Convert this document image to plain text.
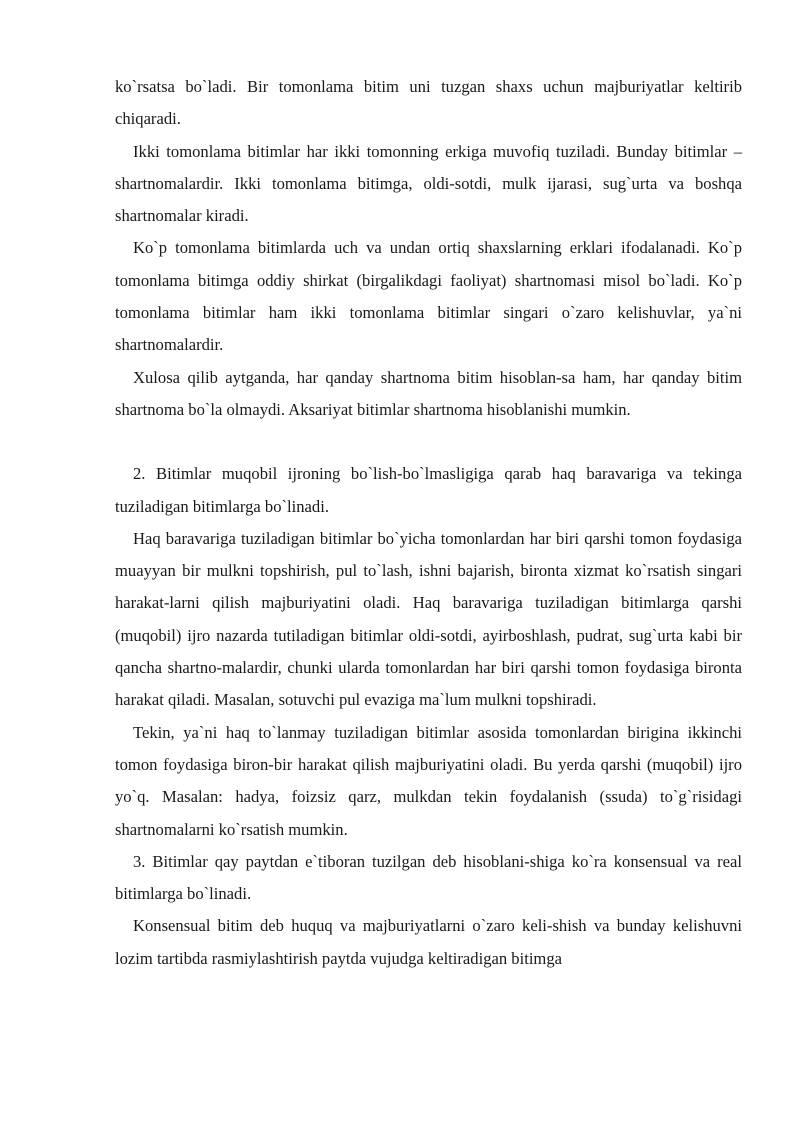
ko`rsatsa bo`ladi. Bir tomonlama bitim uni tuzgan shaxs uchun majburiyatlar keltirib chiqaradi.

Ikki tomonlama bitimlar har ikki tomonning erkiga muvofiq tuziladi. Bunday bitimlar – shartnomalardir. Ikki tomonlama bitimga, oldi-sotdi, mulk ijarasi, sug`urta va boshqa shartnomalar kiradi.

Ko`p tomonlama bitimlarda uch va undan ortiq shaxslarning erklari ifodalanadi. Ko`p tomonlama bitimga oddiy shirkat (birgalikdagi faoliyat) shartnomasi misol bo`ladi. Ko`p tomonlama bitimlar ham ikki tomonlama bitimlar singari o`zaro kelishuvlar, ya`ni shartnomalardir.

Xulosa qilib aytganda, har qanday shartnoma bitim hisoblan-sa ham, har qanday bitim shartnoma bo`la olmaydi. Aksariyat bitimlar shartnoma hisoblanishi mumkin.

2. Bitimlar muqobil ijroning bo`lish-bo`lmasligiga qarab haq baravariga va tekinga tuziladigan bitimlarga bo`linadi.

Haq baravariga tuziladigan bitimlar bo`yicha tomonlardan har biri qarshi tomon foydasiga muayyan bir mulkni topshirish, pul to`lash, ishni bajarish, bironta xizmat ko`rsatish singari harakat-larni qilish majburiyatini oladi. Haq baravariga tuziladigan bitimlarga qarshi (muqobil) ijro nazarda tutiladigan bitimlar oldi-sotdi, ayirboshlash, pudrat, sug`urta kabi bir qancha shartno-malardir, chunki ularda tomonlardan har biri qarshi tomon foydasiga bironta harakat qiladi. Masalan, sotuvchi pul evaziga ma`lum mulkni topshiradi.

Tekin, ya`ni haq to`lanmay tuziladigan bitimlar asosida tomonlardan birigina ikkinchi tomon foydasiga biron-bir harakat qilish majburiyatini oladi. Bu yerda qarshi (muqobil) ijro yo`q. Masalan: hadya, foizsiz qarz, mulkdan tekin foydalanish (ssuda) to`g`risidagi shartnomalarni ko`rsatish mumkin.

3. Bitimlar qay paytdan e`tiboran tuzilgan deb hisoblani-shiga ko`ra konsensual va real bitimlarga bo`linadi.

Konsensual bitim deb huquq va majburiyatlarni o`zaro keli-shish va bunday kelishuvni lozim tartibda rasmiylashtirish paytda vujudga keltiradigan bitimga
